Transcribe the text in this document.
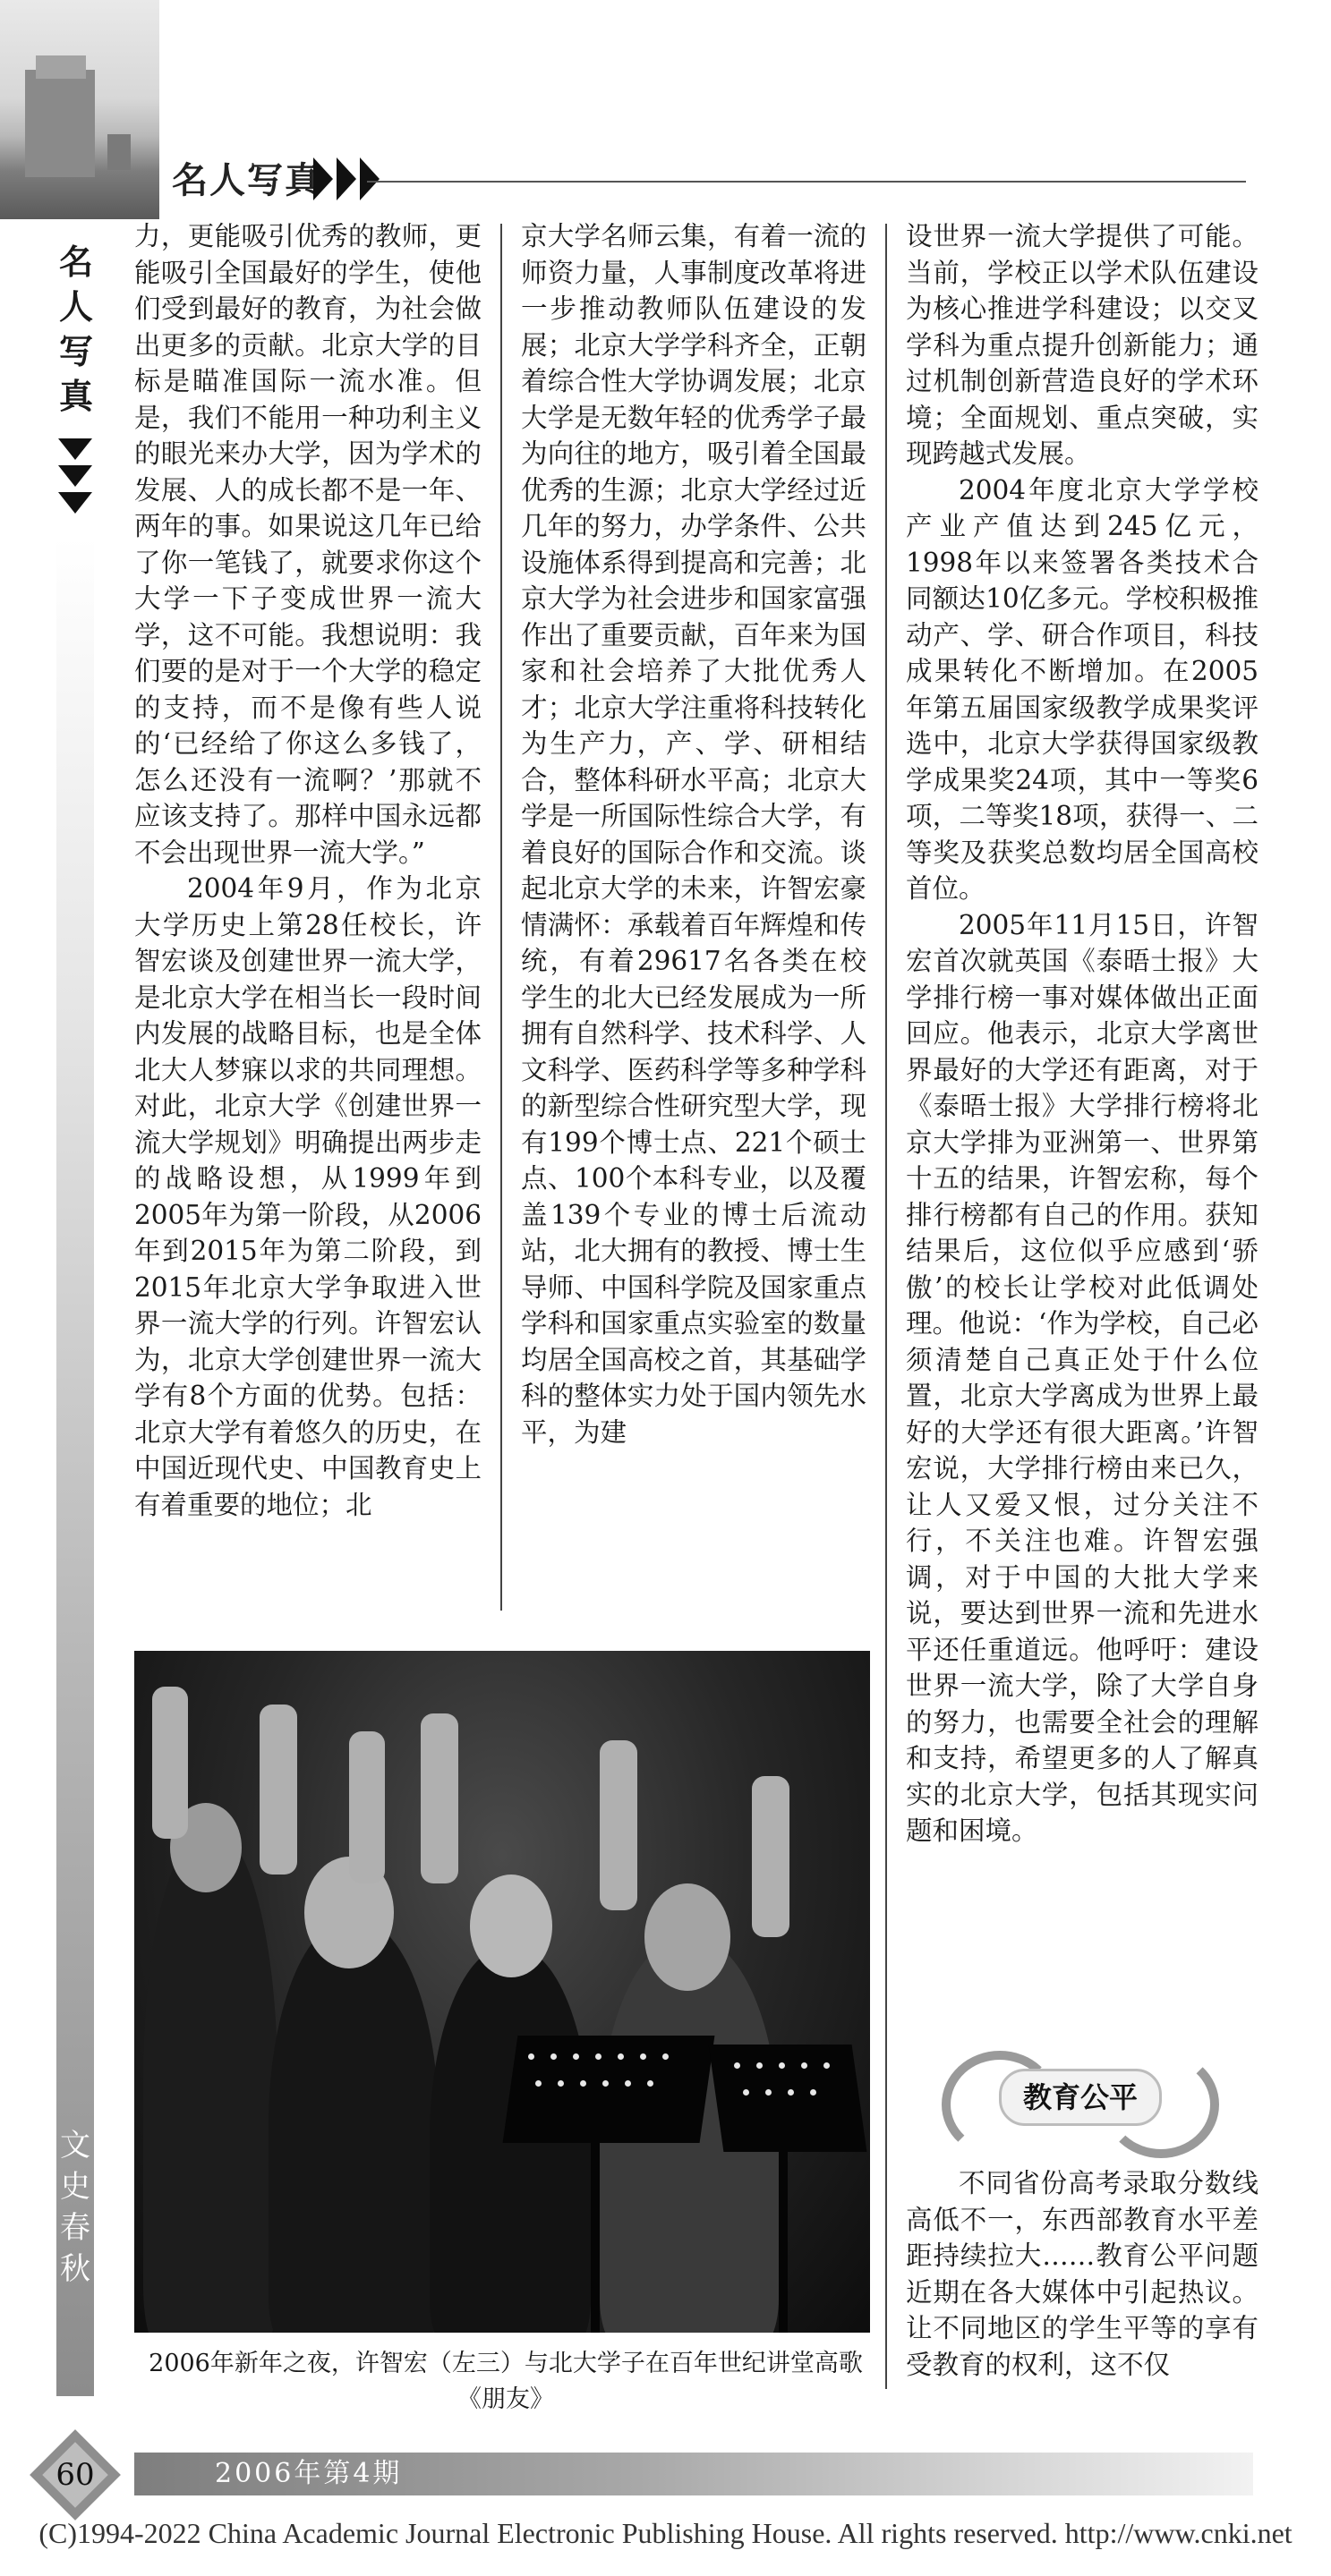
名人写真
名
人
写
真
文
史
春
秋

力，更能吸引优秀的教师，更能吸引全国最好的学生，使他们受到最好的教育，为社会做出更多的贡献。北京大学的目标是瞄准国际一流水准。但是，我们不能用一种功利主义的眼光来办大学，因为学术的发展、人的成长都不是一年、两年的事。如果说这几年已给了你一笔钱了，就要求你这个大学一下子变成世界一流大学，这不可能。我想说明：我们要的是对于一个大学的稳定的支持，而不是像有些人说的‘已经给了你这么多钱了，怎么还没有一流啊？’那就不应该支持了。那样中国永远都不会出现世界一流大学。”

2004年9月，作为北京大学历史上第28任校长，许智宏谈及创建世界一流大学，是北京大学在相当长一段时间内发展的战略目标，也是全体北大人梦寐以求的共同理想。对此，北京大学《创建世界一流大学规划》明确提出两步走的战略设想，从1999年到2005年为第一阶段，从2006年到2015年为第二阶段，到2015年北京大学争取进入世界一流大学的行列。许智宏认为，北京大学创建世界一流大学有8个方面的优势。包括：北京大学有着悠久的历史，在中国近现代史、中国教育史上有着重要的地位；北

京大学名师云集，有着一流的师资力量，人事制度改革将进一步推动教师队伍建设的发展；北京大学学科齐全，正朝着综合性大学协调发展；北京大学是无数年轻的优秀学子最为向往的地方，吸引着全国最优秀的生源；北京大学经过近几年的努力，办学条件、公共设施体系得到提高和完善；北京大学为社会进步和国家富强作出了重要贡献，百年来为国家和社会培养了大批优秀人才；北京大学注重将科技转化为生产力，产、学、研相结合，整体科研水平高；北京大学是一所国际性综合大学，有着良好的国际合作和交流。谈起北京大学的未来，许智宏豪情满怀：承载着百年辉煌和传统，有着29617名各类在校学生的北大已经发展成为一所拥有自然科学、技术科学、人文科学、医药科学等多种学科的新型综合性研究型大学，现有199个博士点、221个硕士点、100个本科专业，以及覆盖139个专业的博士后流动站，北大拥有的教授、博士生导师、中国科学院及国家重点学科和国家重点实验室的数量均居全国高校之首，其基础学科的整体实力处于国内领先水平，为建

设世界一流大学提供了可能。当前，学校正以学术队伍建设为核心推进学科建设；以交叉学科为重点提升创新能力；通过机制创新营造良好的学术环境；全面规划、重点突破，实现跨越式发展。

2004年度北京大学学校产业产值达到245亿元，1998年以来签署各类技术合同额达10亿多元。学校积极推动产、学、研合作项目，科技成果转化不断增加。在2005年第五届国家级教学成果奖评选中，北京大学获得国家级教学成果奖24项，其中一等奖6项，二等奖18项，获得一、二等奖及获奖总数均居全国高校首位。

2005年11月15日，许智宏首次就英国《泰晤士报》大学排行榜一事对媒体做出正面回应。他表示，北京大学离世界最好的大学还有距离，对于《泰晤士报》大学排行榜将北京大学排为亚洲第一、世界第十五的结果，许智宏称，每个排行榜都有自己的作用。获知结果后，这位似乎应感到‘骄傲’的校长让学校对此低调处理。他说：‘作为学校，自己必须清楚自己真正处于什么位置，北京大学离成为世界上最好的大学还有很大距离。’许智宏说，大学排行榜由来已久，让人又爱又恨，过分关注不行，不关注也难。许智宏强调，对于中国的大批大学来说，要达到世界一流和先进水平还任重道远。他呼吁：建设世界一流大学，除了大学自身的努力，也需要全社会的理解和支持，希望更多的人了解真实的北京大学，包括其现实问题和困境。

教育公平

不同省份高考录取分数线高低不一，东西部教育水平差距持续拉大……教育公平问题近期在各大媒体中引起热议。让不同地区的学生平等的享有受教育的权利，这不仅

2006年新年之夜，许智宏（左三）与北大学子在百年世纪讲堂高歌《朋友》
60	2006年第4期
(C)1994-2022 China Academic Journal Electronic Publishing House. All rights reserved. http://www.cnki.net
